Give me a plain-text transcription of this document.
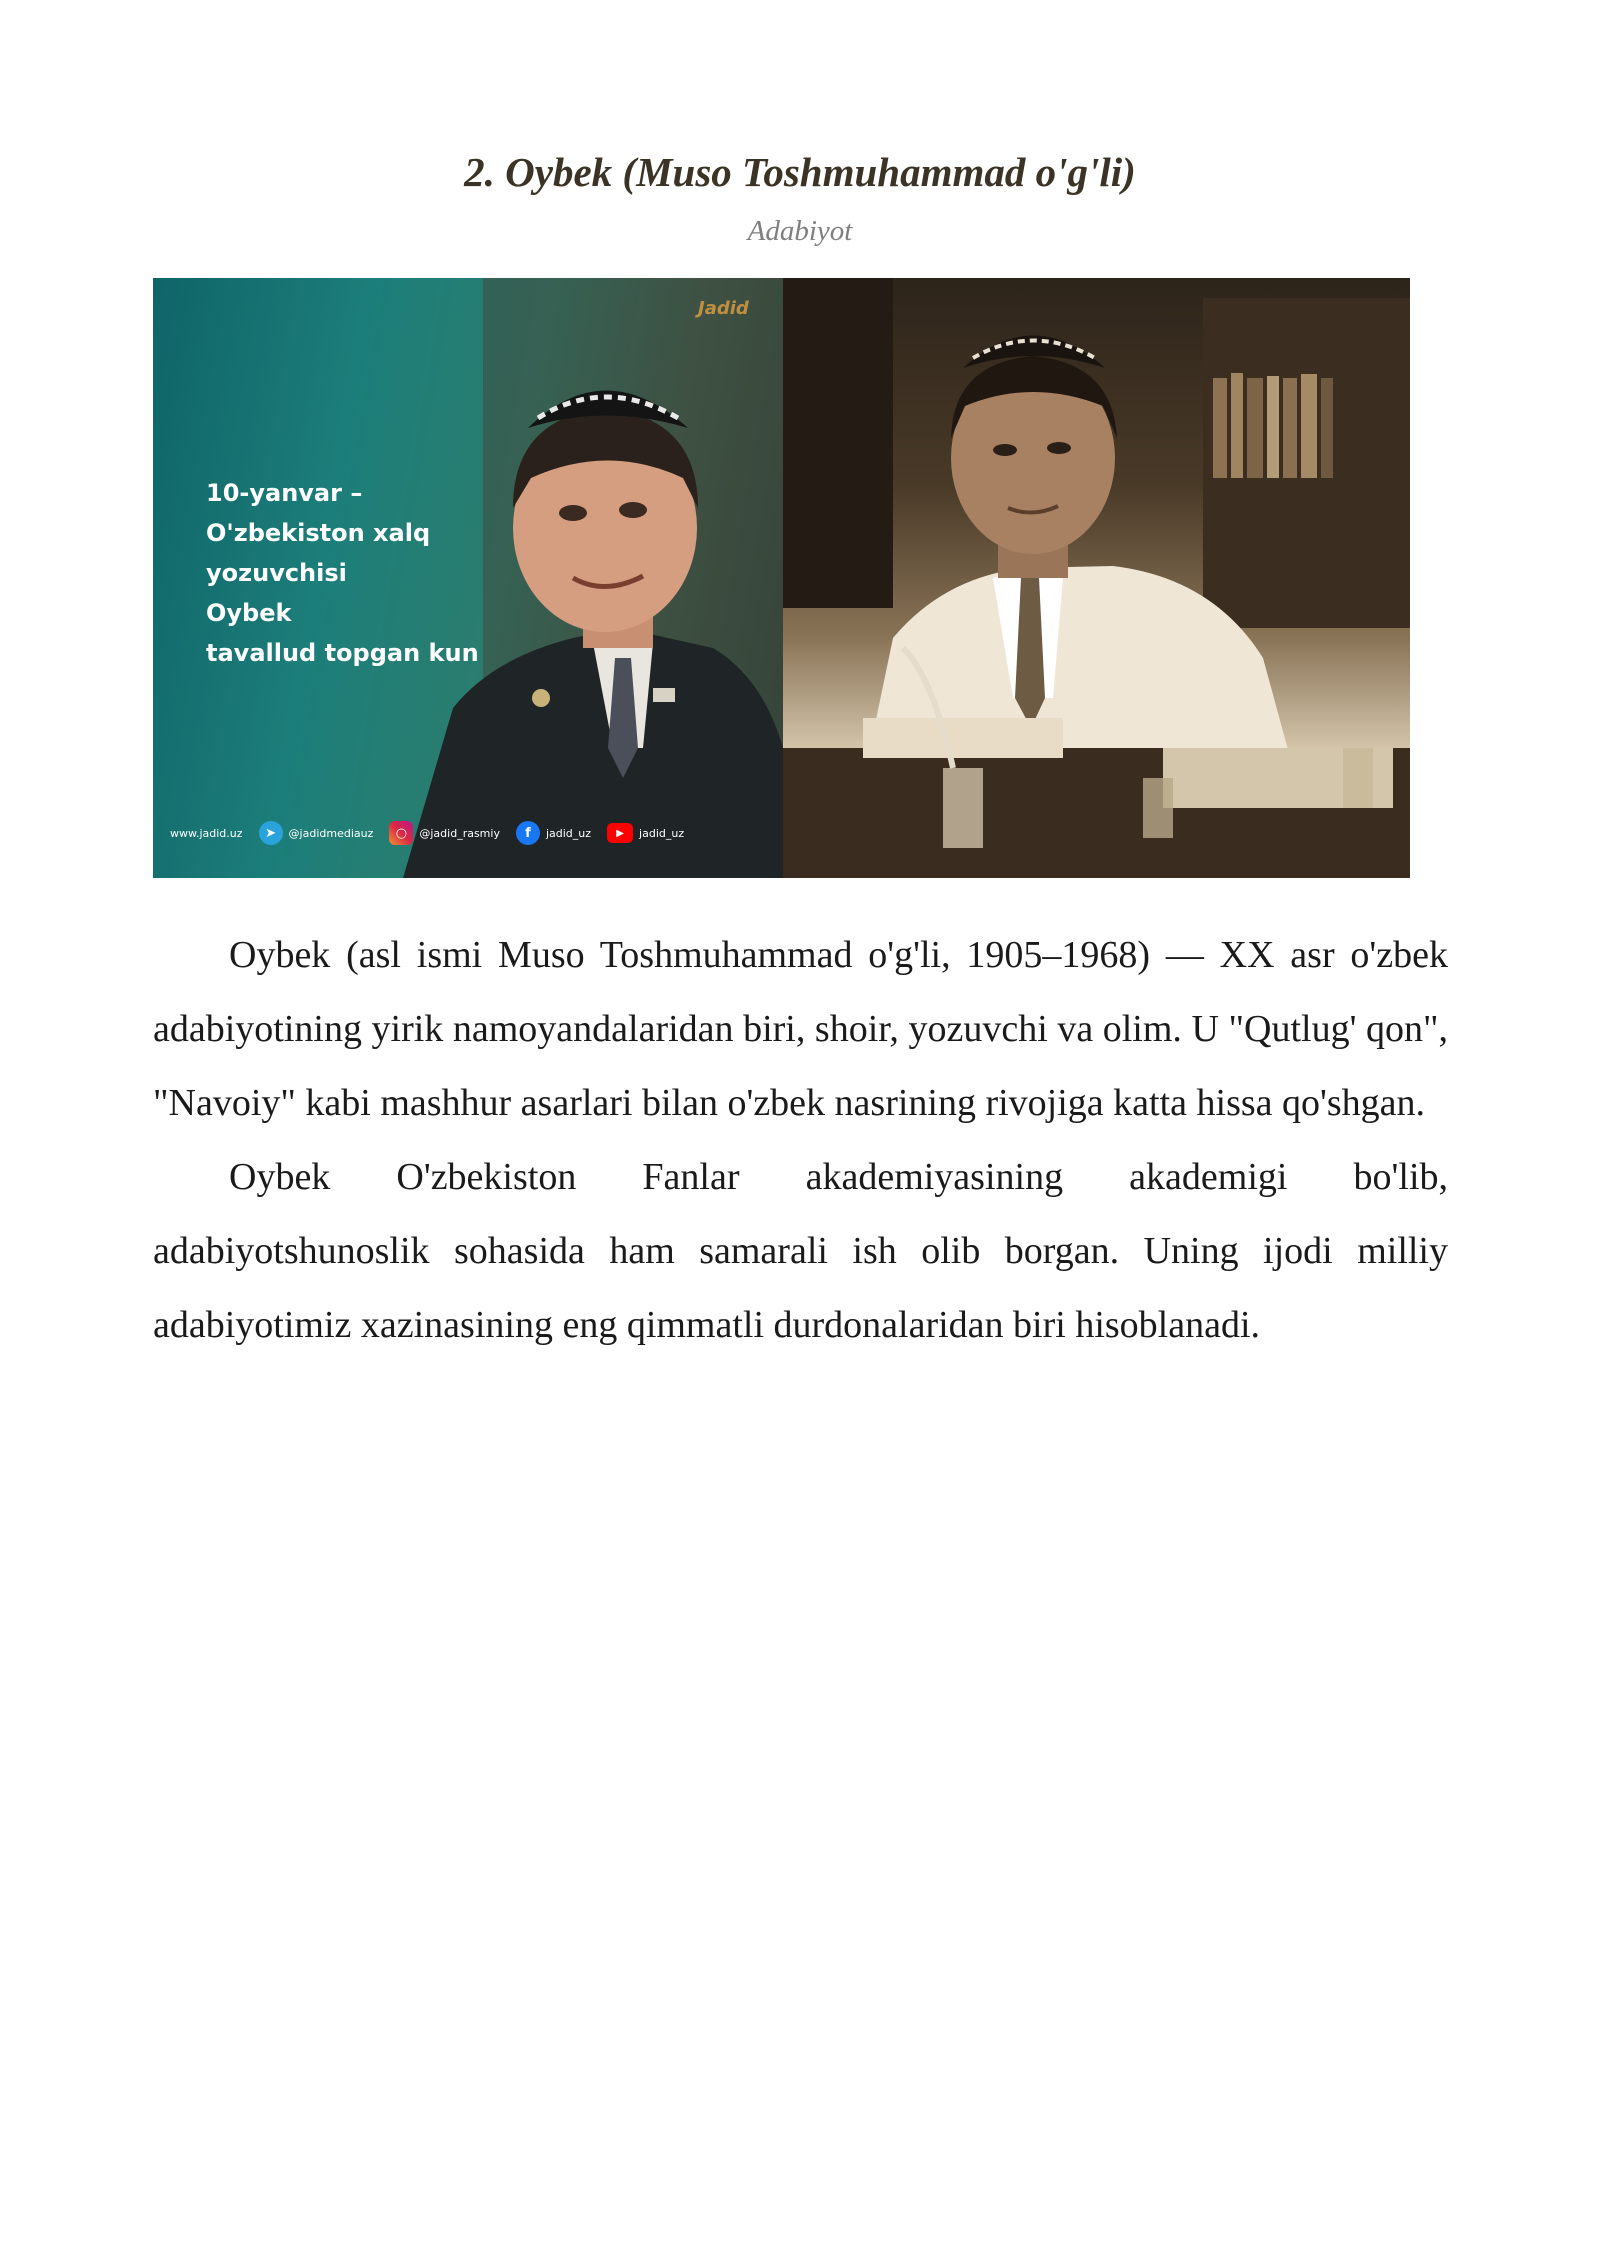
2. Oybek (Muso Toshmuhammad o'g'li)
Adabiyot
10-yanvar –
O'zbekiston xalq
yozuvchisi
Oybek
tavallud topgan kun
Jadid
www.jadid.uz	➤	@jadidmediauz	○	@jadid_rasmiy	f	jadid_uz	▶	jadid_uz

Oybek (asl ismi Muso Toshmuhammad o'g'li, 1905–1968) — XX asr o'zbek adabiyotining yirik namoyandalaridan biri, shoir, yozuvchi va olim. U "Qutlug' qon", "Navoiy" kabi mashhur asarlari bilan o'zbek nasrining rivojiga katta hissa qo'shgan.

Oybek O'zbekiston Fanlar akademiyasining akademigi bo'lib, adabiyotshunoslik sohasida ham samarali ish olib borgan. Uning ijodi milliy adabiyotimiz xazinasining eng qimmatli durdonalaridan biri hisoblanadi.
